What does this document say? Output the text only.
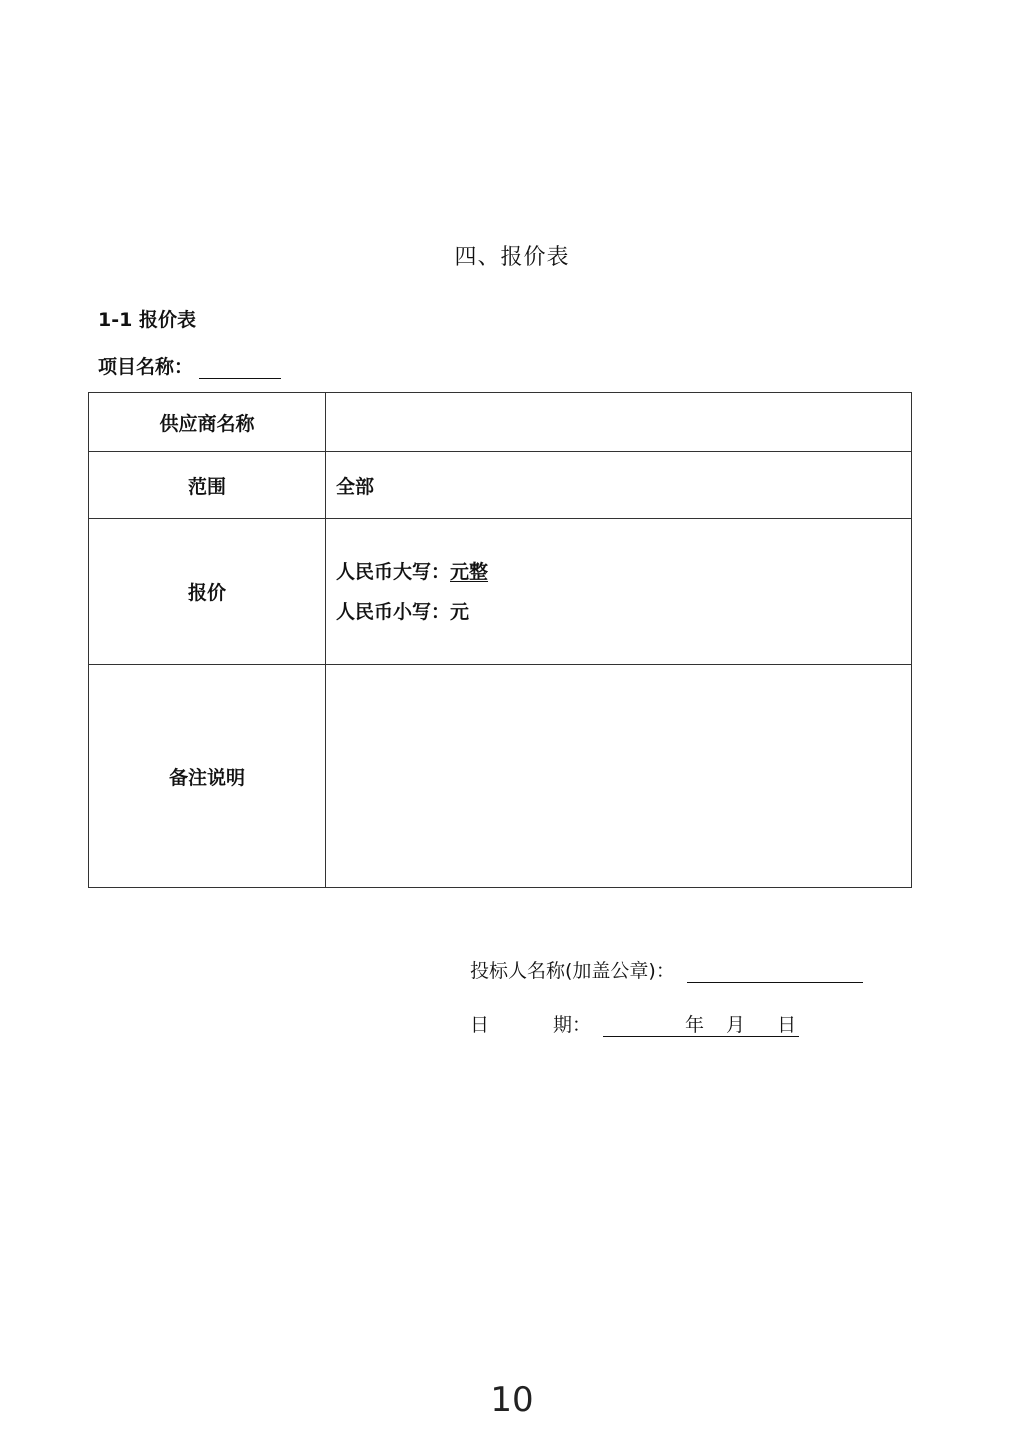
四、报价表
1-1 报价表
项目名称：
供应商名称	
范围	全部
报价	人民币大写：元整
人民币小写：元

备注说明	
投标人名称(加盖公章)：
日	期：	年 月 日
10
